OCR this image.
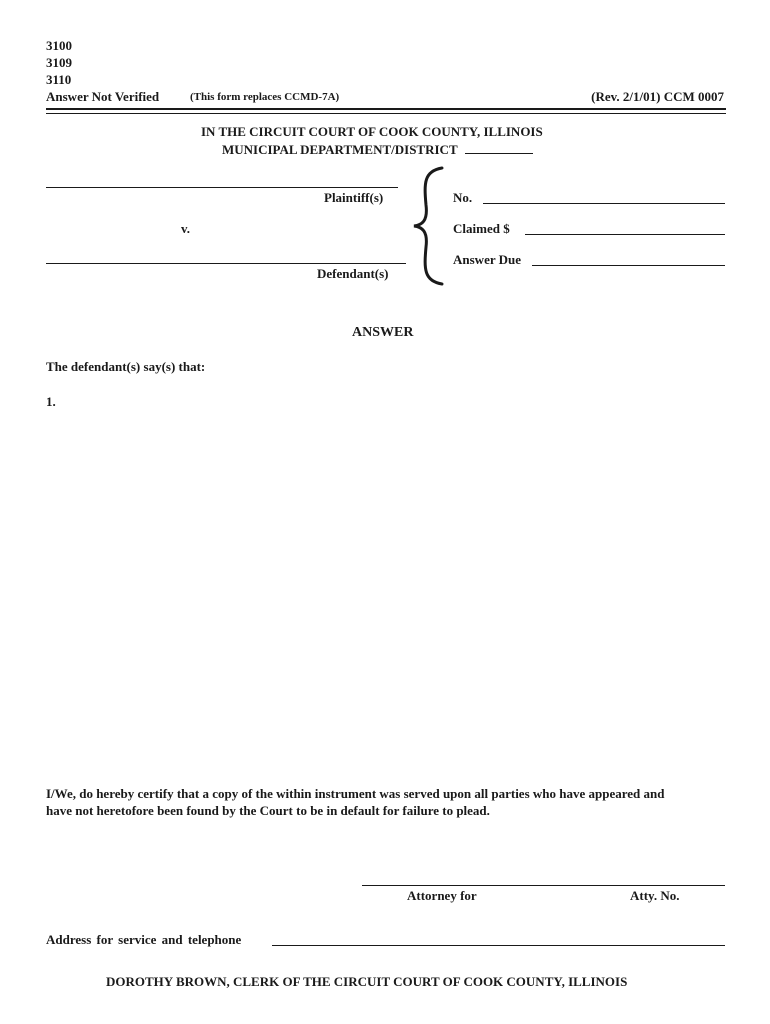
3100
3109
3110
Answer Not Verified	(This form replaces CCMD-7A)	(Rev. 2/1/01) CCM 0007
IN THE CIRCUIT COURT OF COOK COUNTY, ILLINOIS
MUNICIPAL DEPARTMENT/DISTRICT
Plaintiff(s)
v.
Defendant(s)
No.
Claimed $
Answer Due
ANSWER
The defendant(s) say(s) that:
1.
I/We, do hereby certify that a copy of the within instrument was served upon all parties who have appeared and
have not heretofore been found by the Court to be in default for failure to plead.
Attorney for	Atty. No.
Address for service and telephone
DOROTHY BROWN, CLERK OF THE CIRCUIT COURT OF COOK COUNTY, ILLINOIS
